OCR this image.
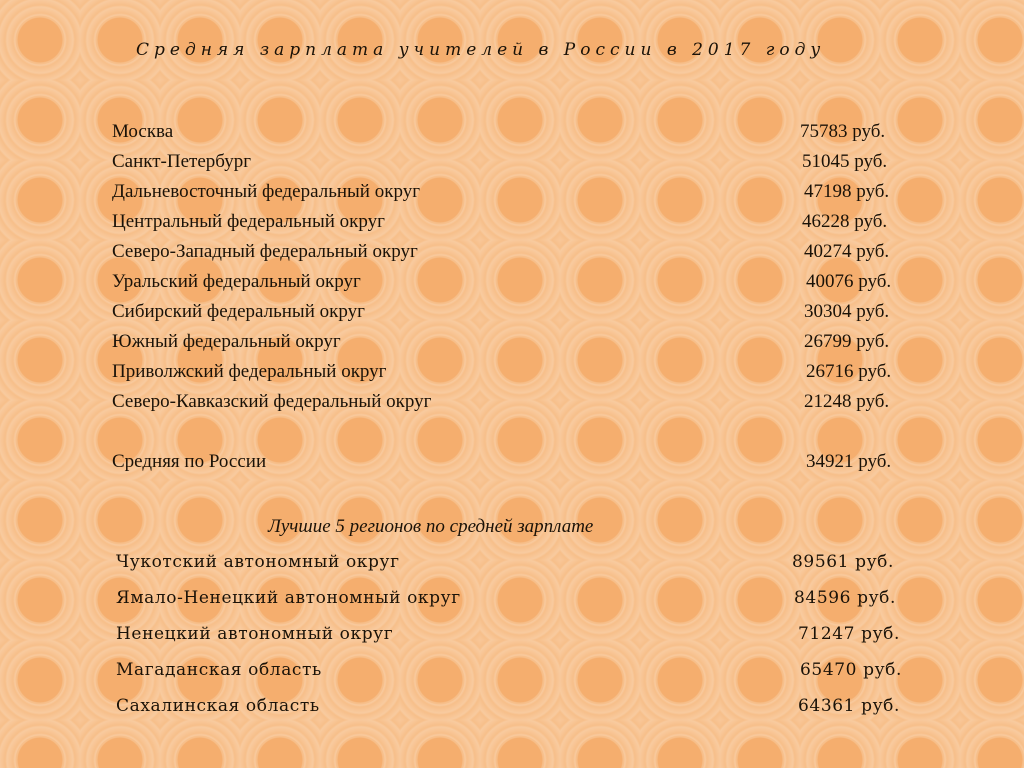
Средняя зарплата учителей в России в 2017 году
Москва	75783 руб.
Санкт-Петербург	51045 руб.
Дальневосточный федеральный округ	47198 руб.
Центральный федеральный округ	46228 руб.
Северо-Западный федеральный округ	40274 руб.
Уральский федеральный округ	40076 руб.
Сибирский федеральный округ	30304 руб.
Южный федеральный округ	26799 руб.
Приволжский федеральный округ	26716 руб.
Северо-Кавказский федеральный округ	21248 руб.
Средняя по России	34921 руб.
Лучшие 5 регионов по средней зарплате
Чукотский автономный округ	89561 руб.
Ямало-Ненецкий автономный округ	84596 руб.
Ненецкий автономный округ	71247 руб.
Магаданская область	65470 руб.
Сахалинская область	64361 руб.
